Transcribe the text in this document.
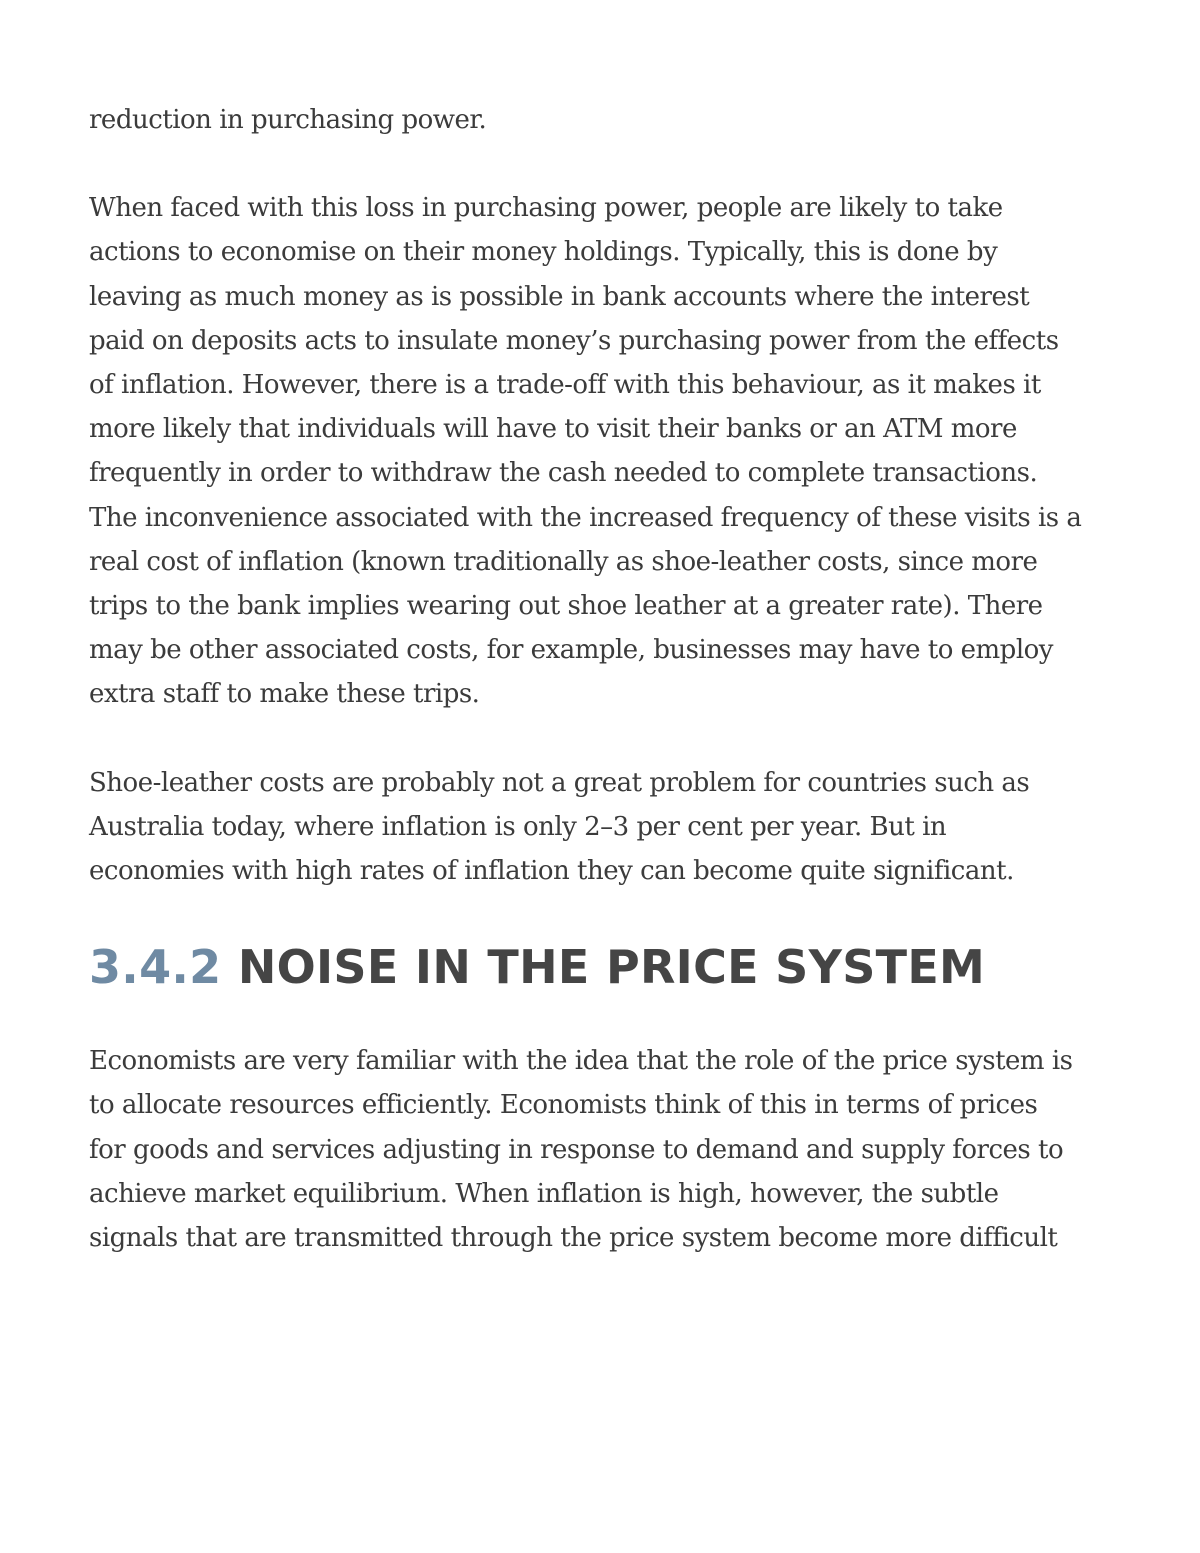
reduction in purchasing power.

When faced with this loss in purchasing power, people are likely to take
actions to economise on their money holdings. Typically, this is done by
leaving as much money as is possible in bank accounts where the interest
paid on deposits acts to insulate money’s purchasing power from the effects
of inflation. However, there is a trade-off with this behaviour, as it makes it
more likely that individuals will have to visit their banks or an ATM more
frequently in order to withdraw the cash needed to complete transactions.
The inconvenience associated with the increased frequency of these visits is a
real cost of inflation (known traditionally as shoe-leather costs, since more
trips to the bank implies wearing out shoe leather at a greater rate). There
may be other associated costs, for example, businesses may have to employ
extra staff to make these trips.

Shoe-leather costs are probably not a great problem for countries such as
Australia today, where inflation is only 2–3 per cent per year. But in
economies with high rates of inflation they can become quite significant.

3.4.2 NOISE IN THE PRICE SYSTEM

Economists are very familiar with the idea that the role of the price system is
to allocate resources efficiently. Economists think of this in terms of prices
for goods and services adjusting in response to demand and supply forces to
achieve market equilibrium. When inflation is high, however, the subtle
signals that are transmitted through the price system become more difficult
